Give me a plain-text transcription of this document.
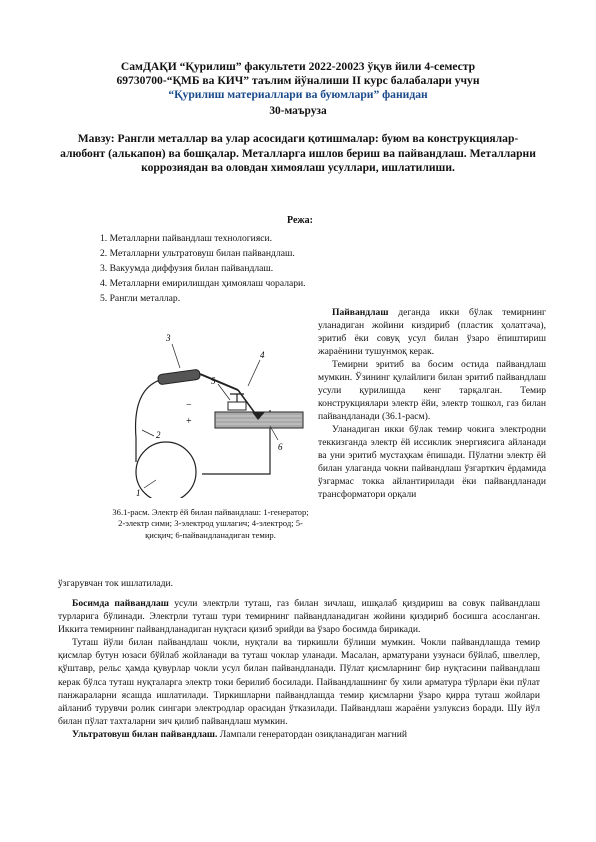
СамДАҚИ “Қурилиш” факультети 2022-20023 ўқув йили 4-семестр
69730700-“ҚМБ ва КИЧ” таълим йўналиши II курс балабалари учун
“Қурилиш материаллари ва буюмлари” фанидан
30-маъруза
Мавзу: Рангли металлар ва улар асосидаги қотишмалар: буюм ва конструкциялар-алюбонт (алькапон) ва бошқалар. Металларга ишлов бериш ва пайвандлаш. Металларни коррозиядан ва оловдан химоялаш усуллари, ишлатилиши.
Режа:
1. Металларни пайвандлаш технологияси.
2. Металларни ультратовуш билан пайвандлаш.
3. Вакуумда диффузия билан пайвандлаш.
4. Металларни емирилишдан ҳимоялаш чоралари.
5. Рангли металлар.
3
4
5
6
2
1
−
+
36.1-расм. Электр ёй билан пайвандлаш: 1-генератор; 2-электр сими; 3-электрод ушлагич; 4-электрод; 5-қисқич; 6-пайвандланадиган темир.

Пайвандлаш деганда икки бўлак темирнинг уланадиган жойини киздириб (пластик ҳолатгача), эритиб ёки совуқ усул билан ўзаро ёпиштириш жараёнини тушунмоқ керак.

Темирни эритиб ва босим остида пайвандлаш мумкин. Ўзининг қулайлиги билан эритиб пайвандлаш усули қурилишда кенг тарқалган. Темир конструкциялари электр ёйи, электр тошкол, газ билан пайвандланади (36.1-расм).

Уланадиган икки бўлак темир чокига электродни теккизганда электр ёй иссиклик энергиясига айланади ва уни эритиб мустаҳкам ёпишади. Пўлатни электр ёй билан улаганда чокни пайвандлаш ўзгарткич ёрдамида ўзгармас токка айлантирилади ёки пайвандланади трансформатори орқали

ўзгарувчан ток ишлатилади.

Босимда пайвандлаш усули электрли туташ, газ билан зичлаш, ишқалаб қиздириш ва совук пайвандлаш турларига бўлинади. Электрли туташ тури темирнинг пайвандланадиган жойини қиздириб босишга асосланган. Иккита темирнинг пайвандланадиган нуқтаси қизиб эрийди ва ўзаро босимда бирикади.

Туташ йўли билан пайвандлаш чокли, нуқтали ва тиркишли бўлиши мумкин. Чокли пайвандлашда темир қисмлар бутун юзаси бўйлаб жойланади ва туташ чоклар уланади. Масалан, арматурани узунаси бўйлаб, швеллер, қўштавр, рельс ҳамда қувурлар чокли усул билан пайвандланади. Пўлат қисмларнинг бир нуқтасини пайвандлаш керак бўлса туташ нуқталарга электр токи берилиб босилади. Пайвандлашнинг бу хили арматура тўрлари ёки пўлат панжараларни ясашда ишлатилади. Тиркишларни пайвандлашда темир қисмларни ўзаро қирра туташ жойлари айланиб турувчи ролик сингари электродлар орасидан ўтказилади. Пайвандлаш жараёни узлуксиз боради. Шу йўл билан пўлат тахталарни зич қилиб пайвандлаш мумкин.

Ультратовуш билан пайвандлаш. Лампали генератордан озиқланадиган магний
